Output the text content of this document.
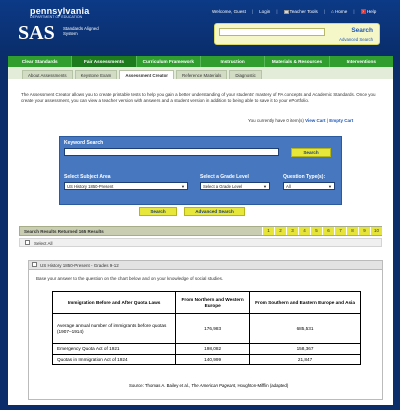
pennsylvania
DEPARTMENT OF EDUCATION
SAS Standards Aligned System
Welcome, Guest | Login |	Teacher Tools | ⌂ Home |	? Help
Search
Advanced Search
Clear Standards	Fair Assessments	Curriculum Framework	Instruction	Materials & Resources	Interventions
About Assessments	Keystone Exam	Assessment Creator	Reference Materials	Diagnostic
The Assessment Creator allows you to create printable tests to help you gain a better understanding of your students' mastery of PA concepts and Academic Standards. Once you create your assessment, you can view a teacher version with answers and a student version in addition to being able to save it to your ePortfolio.
You currently have 0 item(s) View Cart | Empty Cart
Keyword Search
Search
Select Subject Area
US History 1850-Present	▼
Select a Grade Level
Select a Grade Level	▼
Question Type(s):
All	▼
Search	Advanced Search
Search Results Returned 165 Results	1	2	3	4	5	6	7	8	9	10
Select All
US History 1850-Present - Grades 9-12
Base your answer to the question on the chart below and on your knowledge of social studies.
Immigration Before and After Quota Laws	From Northern and Western Europe	From Southern and Eastern Europe and Asia
Average annual number of immigrants before quotas (1907–1914)	176,983	685,531
Emergency Quota Act of 1921	198,082	158,367
Quotas in Immigration Act of 1924	140,999	21,847
Source: Thomas A. Bailey et al., The American Pageant, Houghton-Mifflin (adapted)
